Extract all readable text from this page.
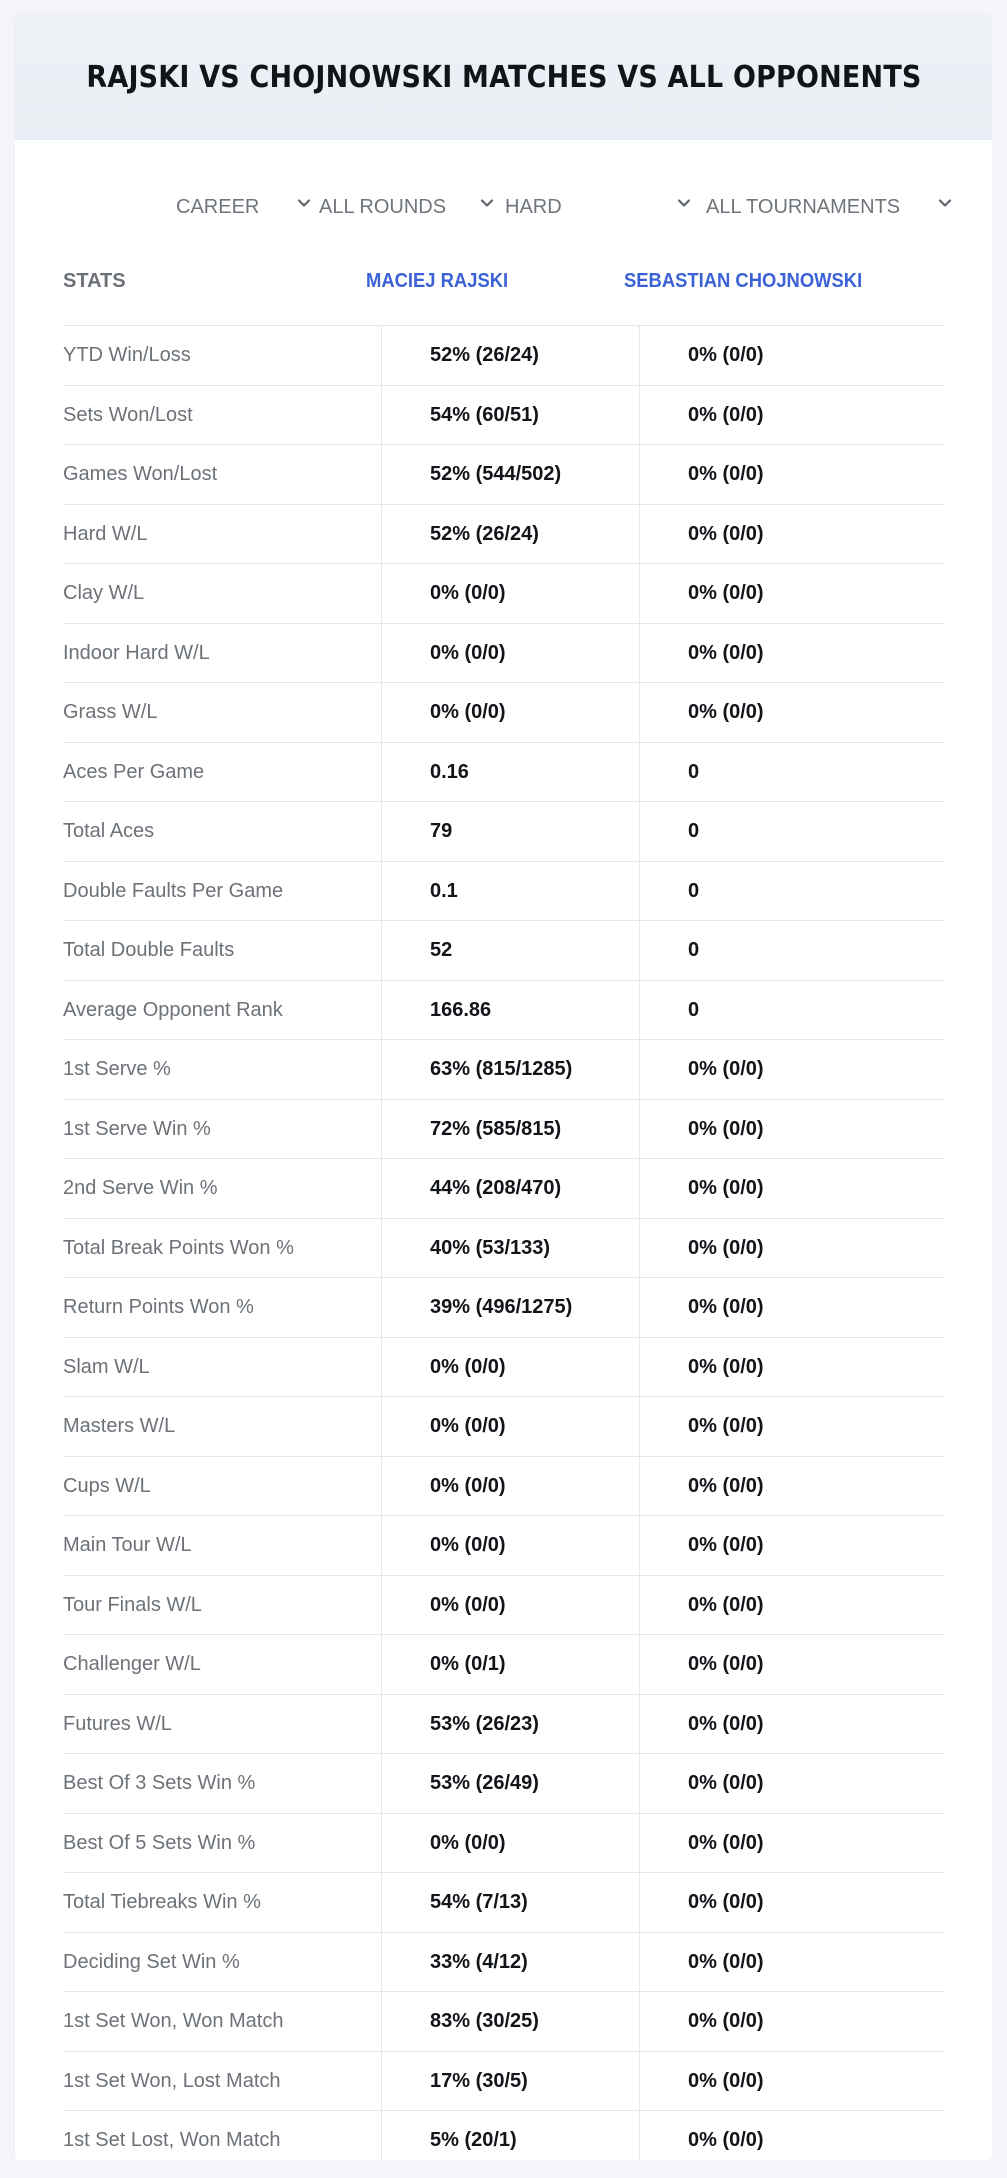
RAJSKI VS CHOJNOWSKI MATCHES VS ALL OPPONENTS
CAREER	ALL ROUNDS	HARD	ALL TOURNAMENTS
STATS	MACIEJ RAJSKI	SEBASTIAN CHOJNOWSKI
YTD Win/Loss	52% (26/24)	0% (0/0)
Sets Won/Lost	54% (60/51)	0% (0/0)
Games Won/Lost	52% (544/502)	0% (0/0)
Hard W/L	52% (26/24)	0% (0/0)
Clay W/L	0% (0/0)	0% (0/0)
Indoor Hard W/L	0% (0/0)	0% (0/0)
Grass W/L	0% (0/0)	0% (0/0)
Aces Per Game	0.16	0
Total Aces	79	0
Double Faults Per Game	0.1	0
Total Double Faults	52	0
Average Opponent Rank	166.86	0
1st Serve %	63% (815/1285)	0% (0/0)
1st Serve Win %	72% (585/815)	0% (0/0)
2nd Serve Win %	44% (208/470)	0% (0/0)
Total Break Points Won %	40% (53/133)	0% (0/0)
Return Points Won %	39% (496/1275)	0% (0/0)
Slam W/L	0% (0/0)	0% (0/0)
Masters W/L	0% (0/0)	0% (0/0)
Cups W/L	0% (0/0)	0% (0/0)
Main Tour W/L	0% (0/0)	0% (0/0)
Tour Finals W/L	0% (0/0)	0% (0/0)
Challenger W/L	0% (0/1)	0% (0/0)
Futures W/L	53% (26/23)	0% (0/0)
Best Of 3 Sets Win %	53% (26/49)	0% (0/0)
Best Of 5 Sets Win %	0% (0/0)	0% (0/0)
Total Tiebreaks Win %	54% (7/13)	0% (0/0)
Deciding Set Win %	33% (4/12)	0% (0/0)
1st Set Won, Won Match	83% (30/25)	0% (0/0)
1st Set Won, Lost Match	17% (30/5)	0% (0/0)
1st Set Lost, Won Match	5% (20/1)	0% (0/0)
